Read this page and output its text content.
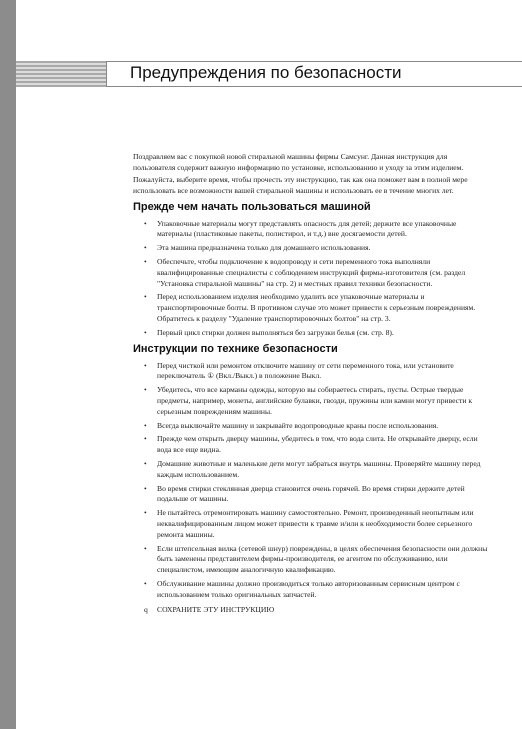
Предупреждения по безопасности

Поздравляем вас с покупкой новой стиральной машины фирмы Самсунг. Данная инструкция для пользователя содержит важную информацию по установке, использованию и уходу за этим изделием. Пожалуйста, выберите время, чтобы прочесть эту инструкцию, так как она поможет вам в полной мере использовать все возможности вашей стиральной машины и использовать ее в течение многих лет.

Прежде чем начать пользоваться машиной
• Упаковочные материалы могут представлять опасность для детей; держите все упаковочные материалы (пластиковые пакеты, полистирол, и т.д.) вне досягаемости детей.
• Эта машина предназначена только для домашнего использования.
• Обеспечьте, чтобы подключение к водопроводу и сети переменного тока выполняли квалифицированные специалисты с соблюдением инструкций фирмы-изготовителя (см. раздел "Установка стиральной машины" на стр. 2) и местных правил техники безопасности.
• Перед использованием изделия необходимо удалить все упаковочные материалы и транспортировочные болты. В противном случае это может привести к серьезным повреждениям. Обратитесь к разделу "Удаление транспортировочных болтов" на стр. 3.
• Первый цикл стирки должен выполняться без загрузки белья (см. стр. 8).
Инструкции по технике безопасности
• Перед чисткой или ремонтом отключите машину от сети переменного тока, или установите переключатель ① (Вкл./Выкл.) в положение Выкл.
• Убедитесь, что все карманы одежды, которую вы собираетесь стирать, пусты. Острые твердые предметы, например, монеты, английские булавки, гвозди, пружины или камни могут привести к серьезным повреждениям машины.
• Всегда выключайте машину и закрывайте водопроводные краны после использования.
• Прежде чем открыть дверцу машины, убедитесь в том, что вода слита. Не открывайте дверцу, если вода все еще видна.
• Домашние животные и маленькие дети могут забраться внутрь машины. Проверяйте машину перед каждым использованием.
• Во время стирки стеклянная дверца становится очень горячей. Во время стирки держите детей подальше от машины.
• Не пытайтесь отремонтировать машину самостоятельно. Ремонт, произведенный неопытным или неквалифицированным лицом может привести к травме и/или к необходимости более серьезного ремонта машины.
• Если штепсельная вилка (сетевой шнур) повреждены, в целях обеспечения безопасности они должны быть заменены представителем фирмы-производителя, ее агентом по обслуживанию, или специалистом, имеющим аналогичную квалификацию.
• Обслуживание машины должно производиться только авторизованным сервисным центром с использованием только оригинальных запчастей.
q СОХРАНИТЕ ЭТУ ИНСТРУКЦИЮ
